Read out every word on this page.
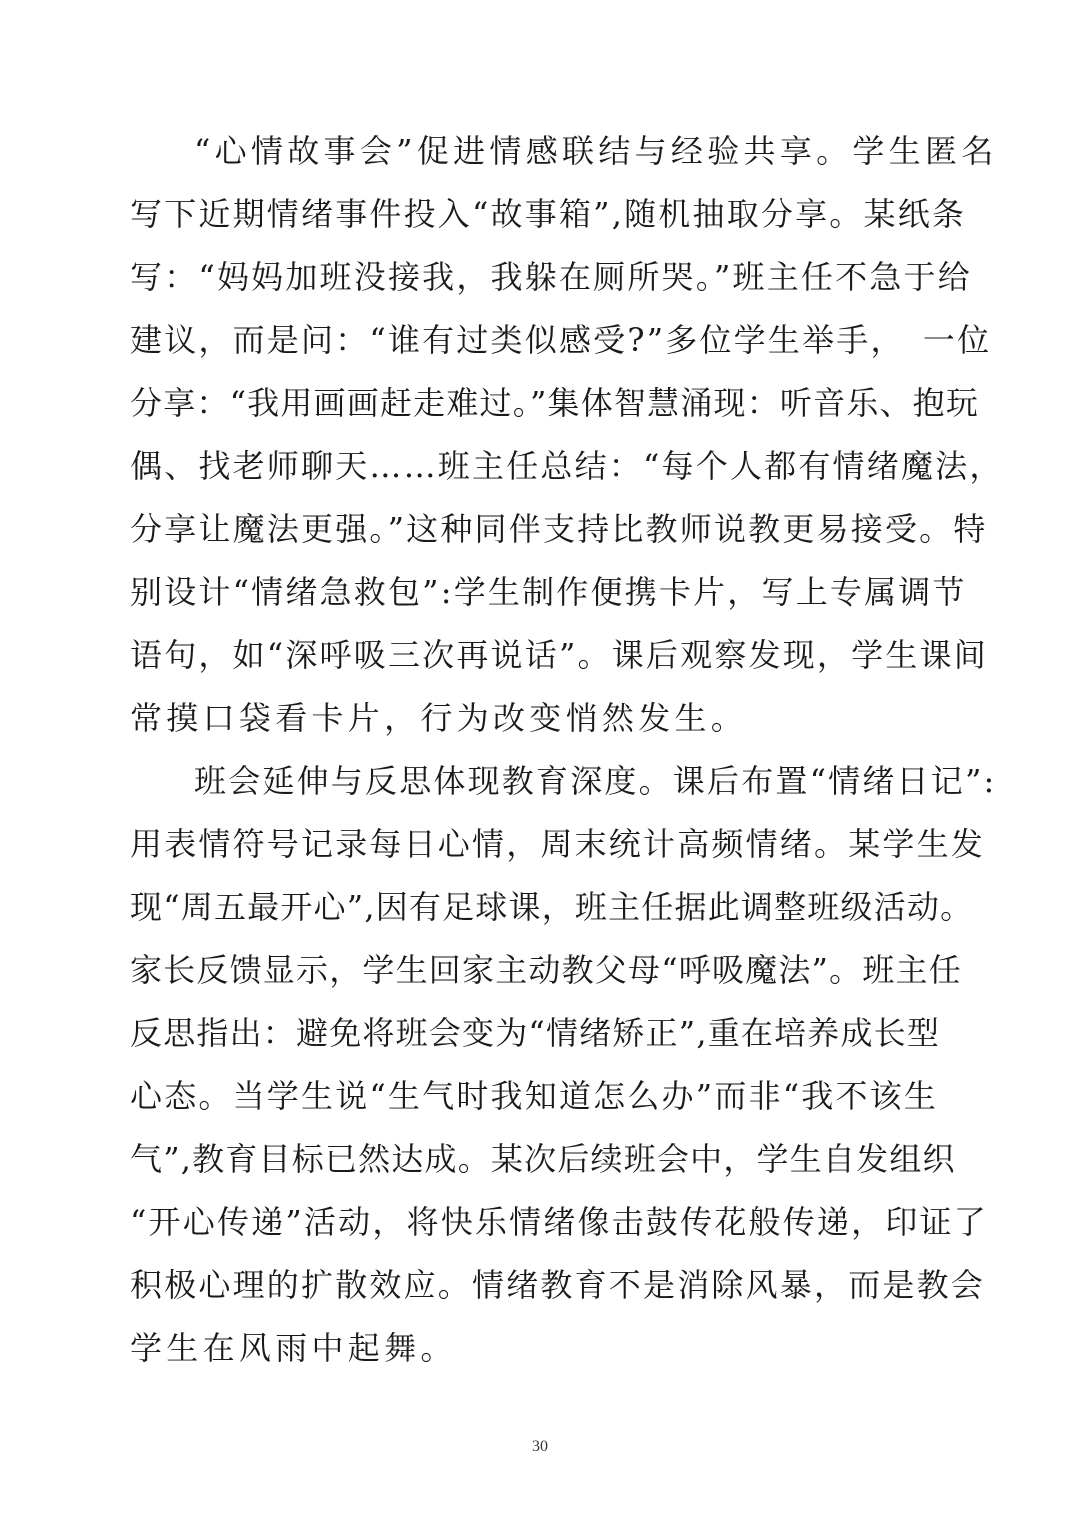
“心情故事会”促进情感联结与经验共享。学生匿名
写下近期情绪事件投入“故事箱”,随机抽取分享。某纸条
写：“妈妈加班没接我，我躲在厕所哭。”班主任不急于给
建议，而是问：“谁有过类似感受?”多位学生举手，　一位
分享：“我用画画赶走难过。”集体智慧涌现：听音乐、抱玩
偶、找老师聊天……班主任总结：“每个人都有情绪魔法，
分享让魔法更强。”这种同伴支持比教师说教更易接受。特
别设计“情绪急救包”:学生制作便携卡片，写上专属调节
语句，如“深呼吸三次再说话”。课后观察发现，学生课间
常摸口袋看卡片，行为改变悄然发生。
班会延伸与反思体现教育深度。课后布置“情绪日记”:
用表情符号记录每日心情，周末统计高频情绪。某学生发
现“周五最开心”,因有足球课，班主任据此调整班级活动。
家长反馈显示，学生回家主动教父母“呼吸魔法”。班主任
反思指出：避免将班会变为“情绪矫正”,重在培养成长型
心态。当学生说“生气时我知道怎么办”而非“我不该生
气”,教育目标已然达成。某次后续班会中，学生自发组织
“开心传递”活动，将快乐情绪像击鼓传花般传递，印证了
积极心理的扩散效应。情绪教育不是消除风暴，而是教会
学生在风雨中起舞。
30
